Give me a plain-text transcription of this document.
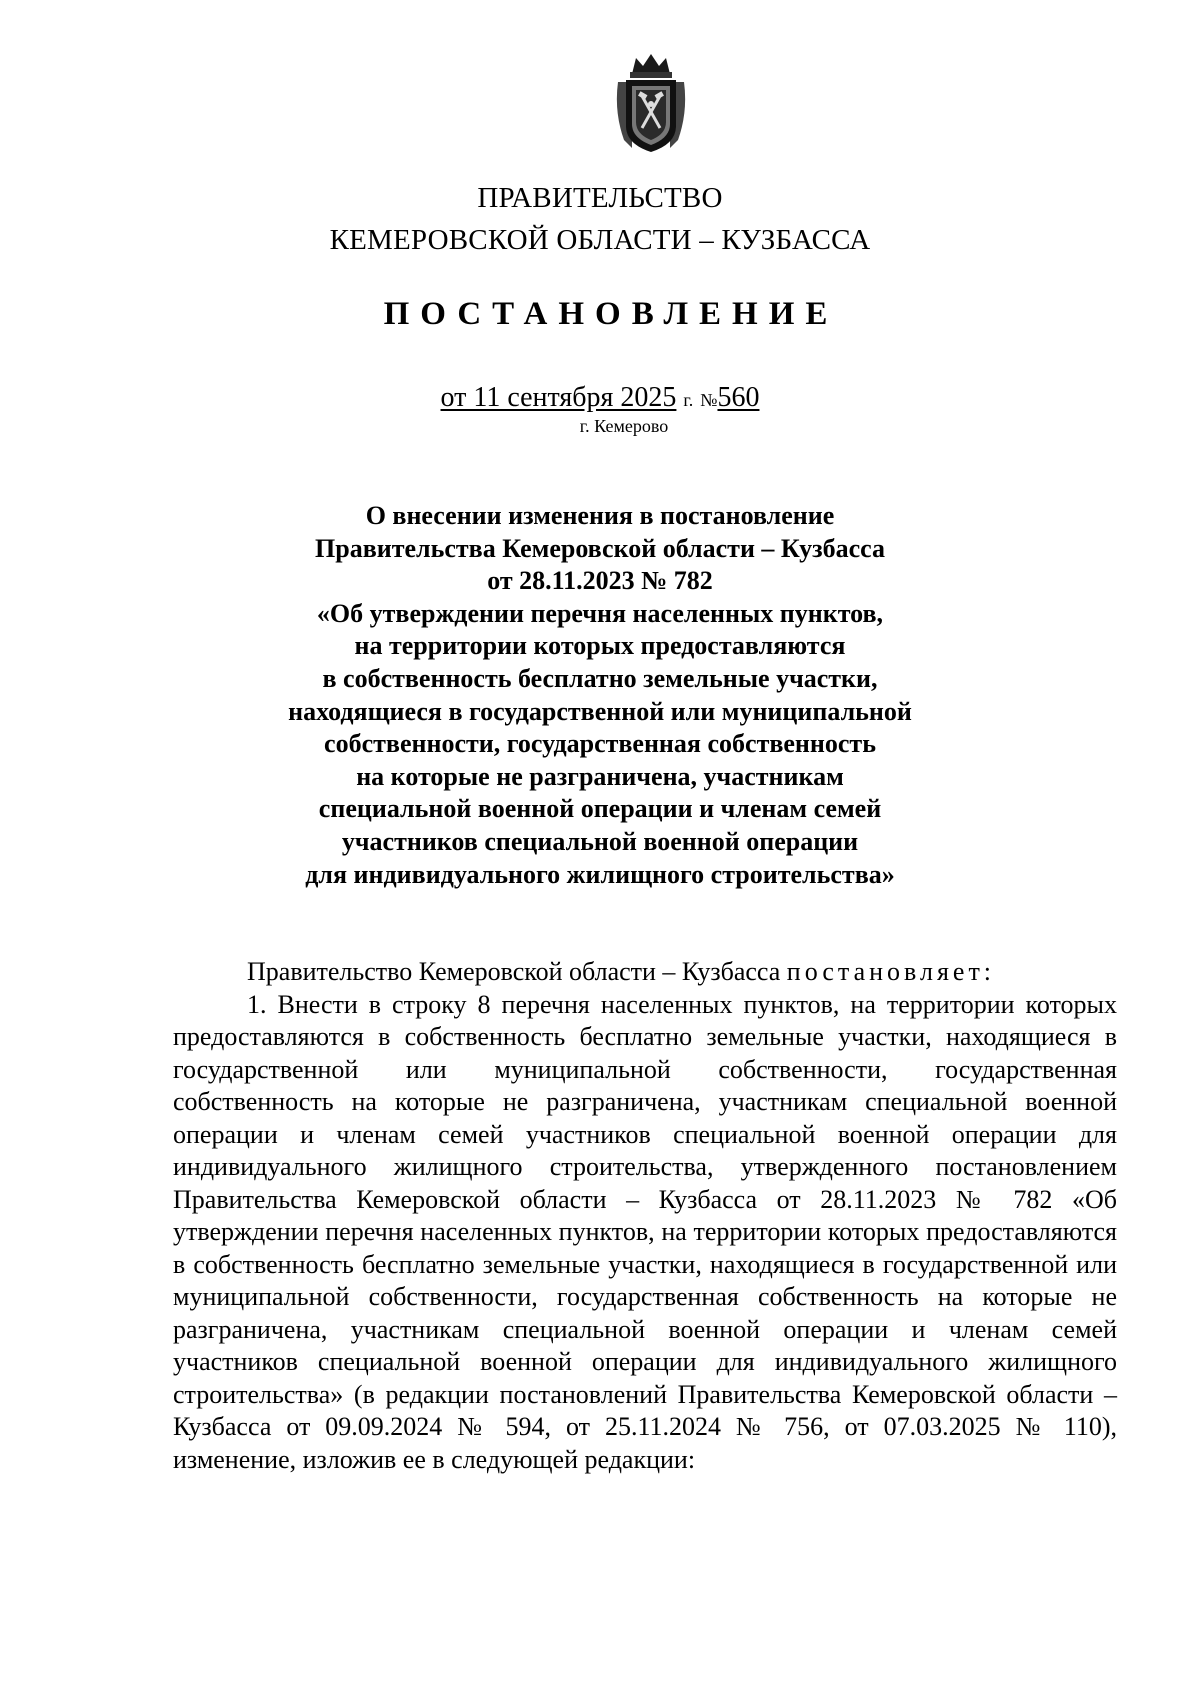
ПРАВИТЕЛЬСТВО
КЕМЕРОВСКОЙ ОБЛАСТИ – КУЗБАССА
ПОСТАНОВЛЕНИЕ
от 11 сентября 2025 г. №560
г. Кемерово
О внесении изменения в постановление
Правительства Кемеровской области – Кузбасса
от 28.11.2023 № 782
«Об утверждении перечня населенных пунктов,
на территории которых предоставляются
в собственность бесплатно земельные участки,
находящиеся в государственной или муниципальной
собственности, государственная собственность
на которые не разграничена, участникам
специальной военной операции и членам семей
участников специальной военной операции
для индивидуального жилищного строительства»

Правительство Кемеровской области – Кузбасса постановляет:

1. Внести в строку 8 перечня населенных пунктов, на территории которых предоставляются в собственность бесплатно земельные участки, находящиеся в государственной или муниципальной собственности, государственная собственность на которые не разграничена, участникам специальной военной операции и членам семей участников специальной военной операции для индивидуального жилищного строительства, утвержденного постановлением Правительства Кемеровской области – Кузбасса от 28.11.2023 № 782 «Об утверждении перечня населенных пунктов, на территории которых предоставляются в собственность бесплатно земельные участки, находящиеся в государственной или муниципальной собственности, государственная собственность на которые не разграничена, участникам специальной военной операции и членам семей участников специальной военной операции для индивидуального жилищного строительства» (в редакции постановлений Правительства Кемеровской области – Кузбасса от 09.09.2024 № 594, от 25.11.2024 № 756, от 07.03.2025 № 110), изменение, изложив ее в следующей редакции:
